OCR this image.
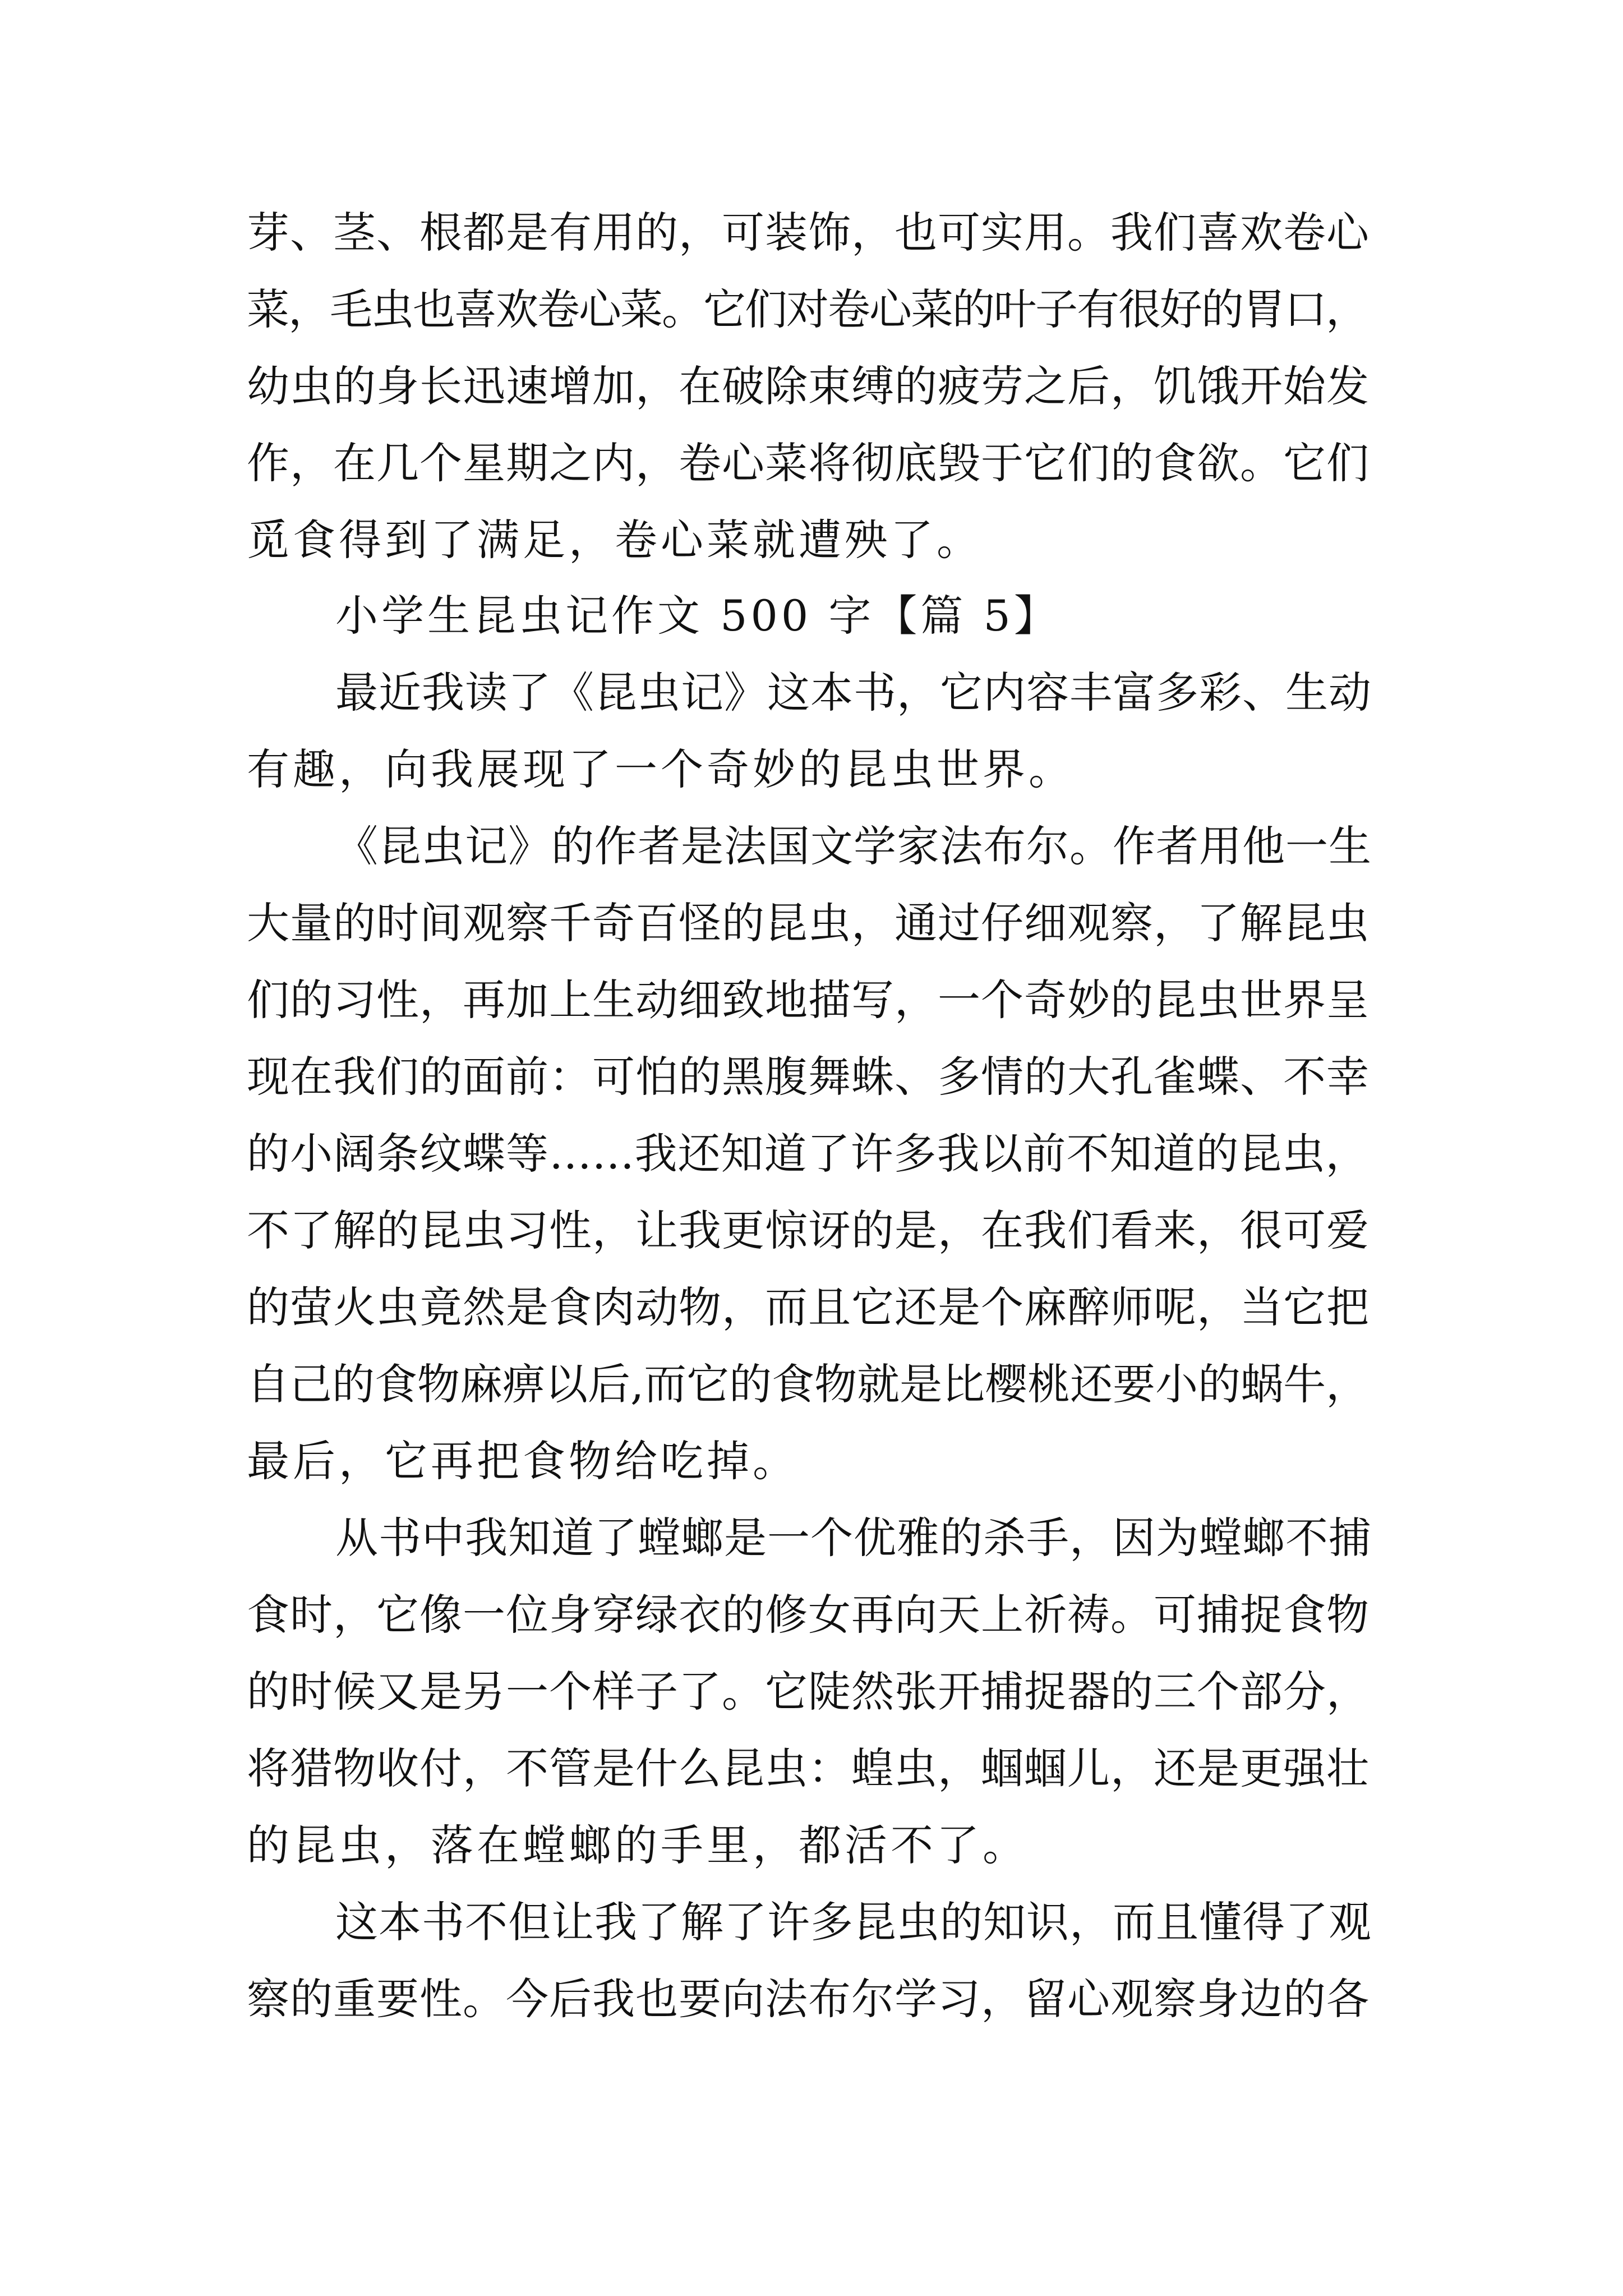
芽、茎、根都是有用的，可装饰，也可实用。我们喜欢卷心
菜，毛虫也喜欢卷心菜。它们对卷心菜的叶子有很好的胃口，
幼虫的身长迅速增加，在破除束缚的疲劳之后，饥饿开始发
作，在几个星期之内，卷心菜将彻底毁于它们的食欲。它们
觅食得到了满足，卷心菜就遭殃了。
小学生昆虫记作文 500 字【篇 5】
最近我读了《昆虫记》这本书，它内容丰富多彩、生动
有趣，向我展现了一个奇妙的昆虫世界。
《昆虫记》的作者是法国文学家法布尔。作者用他一生
大量的时间观察千奇百怪的昆虫，通过仔细观察，了解昆虫
们的习性，再加上生动细致地描写，一个奇妙的昆虫世界呈
现在我们的面前：可怕的黑腹舞蛛、多情的大孔雀蝶、不幸
的小阔条纹蝶等…...我还知道了许多我以前不知道的昆虫，
不了解的昆虫习性，让我更惊讶的是，在我们看来，很可爱
的萤火虫竟然是食肉动物，而且它还是个麻醉师呢，当它把
自己的食物麻痹以后,而它的食物就是比樱桃还要小的蜗牛，
最后，它再把食物给吃掉。
从书中我知道了螳螂是一个优雅的杀手，因为螳螂不捕
食时，它像一位身穿绿衣的修女再向天上祈祷。可捕捉食物
的时候又是另一个样子了。它陡然张开捕捉器的三个部分，
将猎物收付，不管是什么昆虫：蝗虫，蝈蝈儿，还是更强壮
的昆虫，落在螳螂的手里，都活不了。
这本书不但让我了解了许多昆虫的知识，而且懂得了观
察的重要性。今后我也要向法布尔学习，留心观察身边的各
